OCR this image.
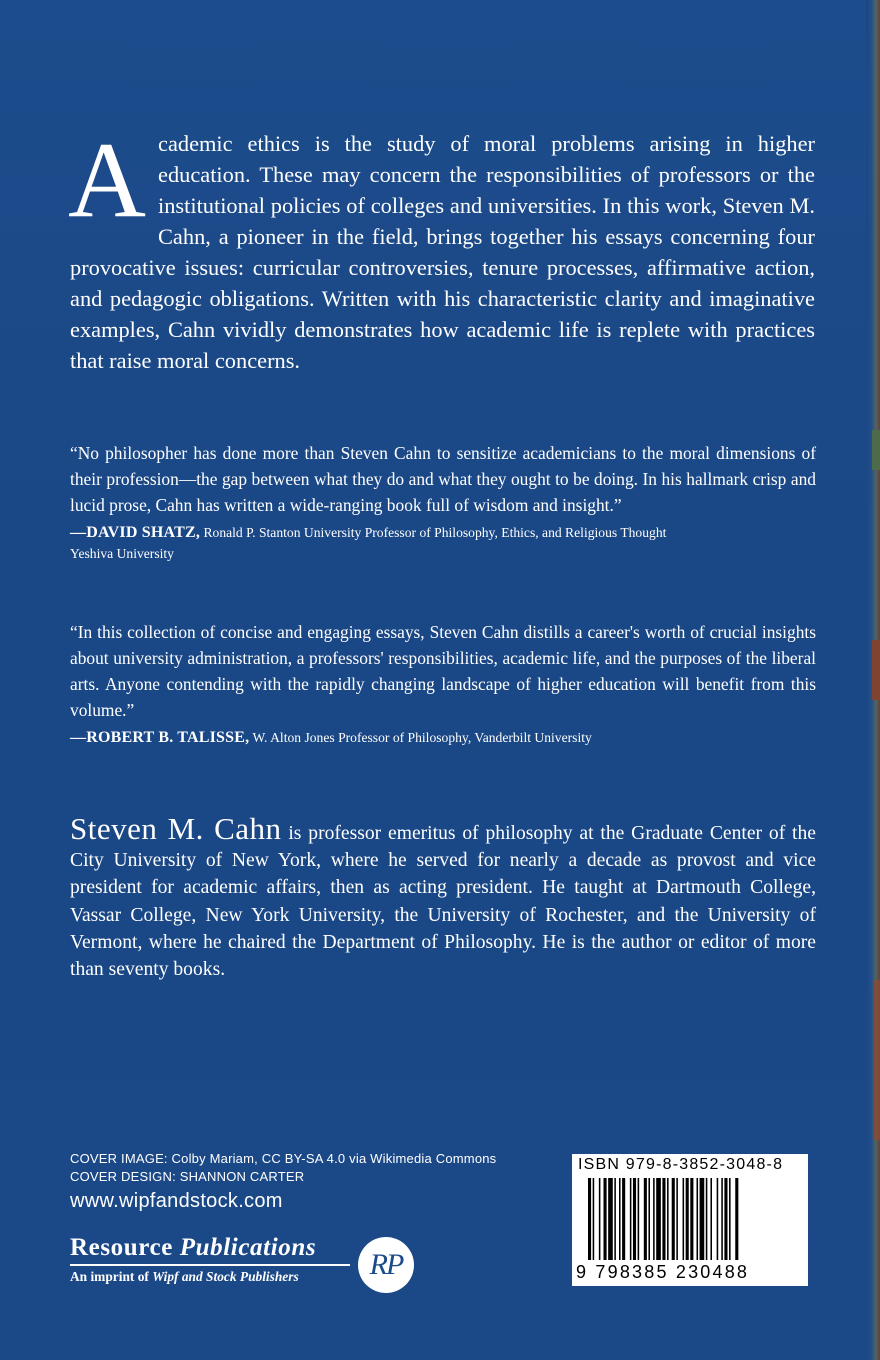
Academic ethics is the study of moral problems arising in higher education. These may concern the responsibilities of professors or the institutional policies of colleges and universities. In this work, Steven M. Cahn, a pioneer in the field, brings together his essays concerning four provocative issues: curricular controversies, tenure processes, affirmative action, and pedagogic obligations. Written with his characteristic clarity and imaginative examples, Cahn vividly demonstrates how academic life is replete with practices that raise moral concerns.
“No philosopher has done more than Steven Cahn to sensitize academicians to the moral dimensions of their profession—the gap between what they do and what they ought to be doing. In his hallmark crisp and lucid prose, Cahn has written a wide-ranging book full of wisdom and insight.”
—DAVID SHATZ, Ronald P. Stanton University Professor of Philosophy, Ethics, and Religious Thought
Yeshiva University
“In this collection of concise and engaging essays, Steven Cahn distills a career's worth of crucial insights about university administration, a professors' responsibilities, academic life, and the purposes of the liberal arts. Anyone contending with the rapidly changing landscape of higher education will benefit from this volume.”
—ROBERT B. TALISSE, W. Alton Jones Professor of Philosophy, Vanderbilt University
Steven M. Cahn is professor emeritus of philosophy at the Graduate Center of the City University of New York, where he served for nearly a decade as provost and vice president for academic affairs, then as acting president. He taught at Dartmouth College, Vassar College, New York University, the University of Rochester, and the University of Vermont, where he chaired the Department of Philosophy. He is the author or editor of more than seventy books.
COVER IMAGE: Colby Mariam, CC BY-SA 4.0 via Wikimedia Commons
COVER DESIGN: SHANNON CARTER
www.wipfandstock.com
Resource Publications
An imprint of Wipf and Stock Publishers	RP
ISBN 979-8-3852-3048-8
9 798385 230488
